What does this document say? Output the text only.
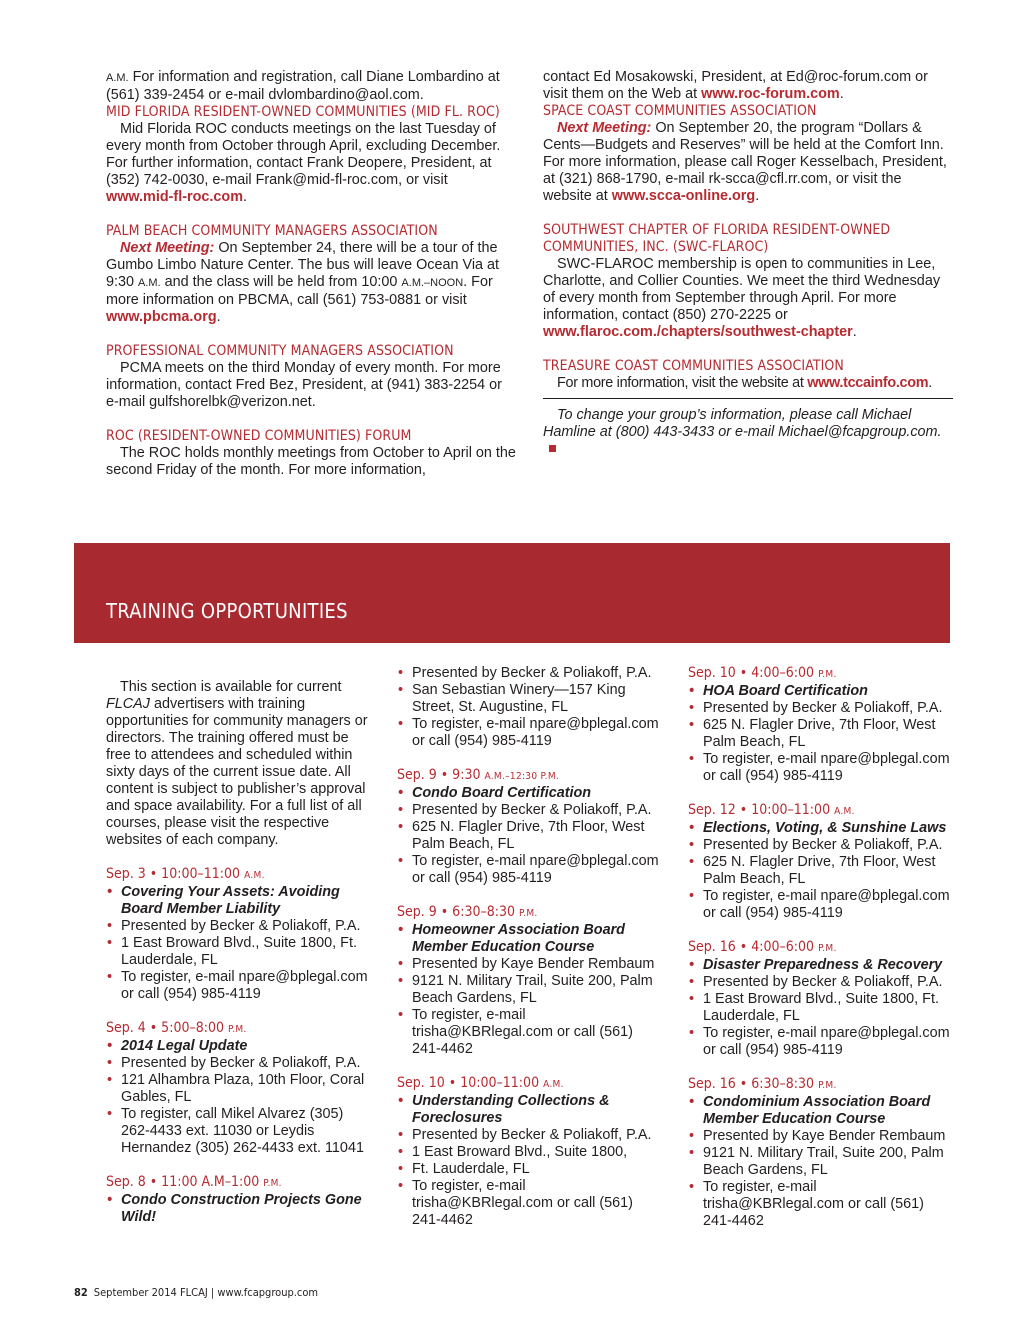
A.M. For information and registration, call Diane Lombardino at (561) 339-2454 or e-mail dvlombardino@aol.com.

MID FLORIDA RESIDENT-OWNED COMMUNITIES (MID FL. ROC)

Mid Florida ROC conducts meetings on the last Tuesday of every month from October through April, excluding December. For further information, contact Frank Deopere, President, at (352) 742-0030, e-mail Frank@mid-fl-roc.com, or visit www.mid-fl-roc.com.

PALM BEACH COMMUNITY MANAGERS ASSOCIATION

Next Meeting: On September 24, there will be a tour of the Gumbo Limbo Nature Center. The bus will leave Ocean Via at 9:30 A.M. and the class will be held from 10:00 A.M.–NOON. For more information on PBCMA, call (561) 753-0881 or visit www.pbcma.org.

PROFESSIONAL COMMUNITY MANAGERS ASSOCIATION

PCMA meets on the third Monday of every month. For more information, contact Fred Bez, President, at (941) 383-2254 or e-mail gulfshorelbk@verizon.net.

ROC (RESIDENT-OWNED COMMUNITIES) FORUM

The ROC holds monthly meetings from October to April on the second Friday of the month. For more information,

contact Ed Mosakowski, President, at Ed@roc-forum.com or visit them on the Web at www.roc-forum.com.

SPACE COAST COMMUNITIES ASSOCIATION

Next Meeting: On September 20, the program “Dollars & Cents—Budgets and Reserves” will be held at the Comfort Inn. For more information, please call Roger Kesselbach, President, at (321) 868-1790, e-mail rk-scca@cfl.rr.com, or visit the website at www.scca-online.org.

SOUTHWEST CHAPTER OF FLORIDA RESIDENT-OWNED COMMUNITIES, INC. (SWC-FLAROC)

SWC-FLAROC membership is open to communities in Lee, Charlotte, and Collier Counties. We meet the third Wednesday of every month from September through April. For more information, contact (850) 270-2225 or www.flaroc.com./chapters/southwest-chapter.

TREASURE COAST COMMUNITIES ASSOCIATION

For more information, visit the website at www.tccainfo.com.

To change your group’s information, please call Michael Hamline at (800) 443-3433 or e-mail Michael@fcapgroup.com.

TRAINING OPPORTUNITIES

This section is available for current FLCAJ advertisers with training opportunities for community managers or directors. The training offered must be free to attendees and scheduled within sixty days of the current issue date. All content is subject to publisher’s approval and space availability. For a full list of all courses, please visit the respective websites of each company.

Sep. 3 • 10:00–11:00 A.M.
• Covering Your Assets: Avoiding Board Member Liability
• Presented by Becker & Poliakoff, P.A.
• 1 East Broward Blvd., Suite 1800, Ft. Lauderdale, FL
• To register, e-mail npare@bplegal.com or call (954) 985-4119
Sep. 4 • 5:00–8:00 P.M.
• 2014 Legal Update
• Presented by Becker & Poliakoff, P.A.
• 121 Alhambra Plaza, 10th Floor, Coral Gables, FL
• To register, call Mikel Alvarez (305) 262-4433 ext. 11030 or Leydis Hernandez (305) 262-4433 ext. 11041
Sep. 8 • 11:00 A.M–1:00 P.M.
• Condo Construction Projects Gone Wild!
• Presented by Becker & Poliakoff, P.A.
• San Sebastian Winery—157 King Street, St. Augustine, FL
• To register, e-mail npare@bplegal.com or call (954) 985-4119
Sep. 9 • 9:30 A.M.–12:30 P.M.
• Condo Board Certification
• Presented by Becker & Poliakoff, P.A.
• 625 N. Flagler Drive, 7th Floor, West Palm Beach, FL
• To register, e-mail npare@bplegal.com or call (954) 985-4119
Sep. 9 • 6:30–8:30 P.M.
• Homeowner Association Board Member Education Course
• Presented by Kaye Bender Rembaum
• 9121 N. Military Trail, Suite 200, Palm Beach Gardens, FL
• To register, e-mail trisha@KBRlegal.com or call (561) 241-4462
Sep. 10 • 10:00–11:00 A.M.
• Understanding Collections & Foreclosures
• Presented by Becker & Poliakoff, P.A.
• 1 East Broward Blvd., Suite 1800,
• Ft. Lauderdale, FL
• To register, e-mail trisha@KBRlegal.com or call (561) 241-4462
Sep. 10 • 4:00–6:00 P.M.
• HOA Board Certification
• Presented by Becker & Poliakoff, P.A.
• 625 N. Flagler Drive, 7th Floor, West Palm Beach, FL
• To register, e-mail npare@bplegal.com or call (954) 985-4119
Sep. 12 • 10:00–11:00 A.M.
• Elections, Voting, & Sunshine Laws
• Presented by Becker & Poliakoff, P.A.
• 625 N. Flagler Drive, 7th Floor, West Palm Beach, FL
• To register, e-mail npare@bplegal.com or call (954) 985-4119
Sep. 16 • 4:00–6:00 P.M.
• Disaster Preparedness & Recovery
• Presented by Becker & Poliakoff, P.A.
• 1 East Broward Blvd., Suite 1800, Ft. Lauderdale, FL
• To register, e-mail npare@bplegal.com or call (954) 985-4119
Sep. 16 • 6:30–8:30 P.M.
• Condominium Association Board Member Education Course
• Presented by Kaye Bender Rembaum
• 9121 N. Military Trail, Suite 200, Palm Beach Gardens, FL
• To register, e-mail trisha@KBRlegal.com or call (561) 241-4462
82 September 2014 FLCAJ | www.fcapgroup.com
